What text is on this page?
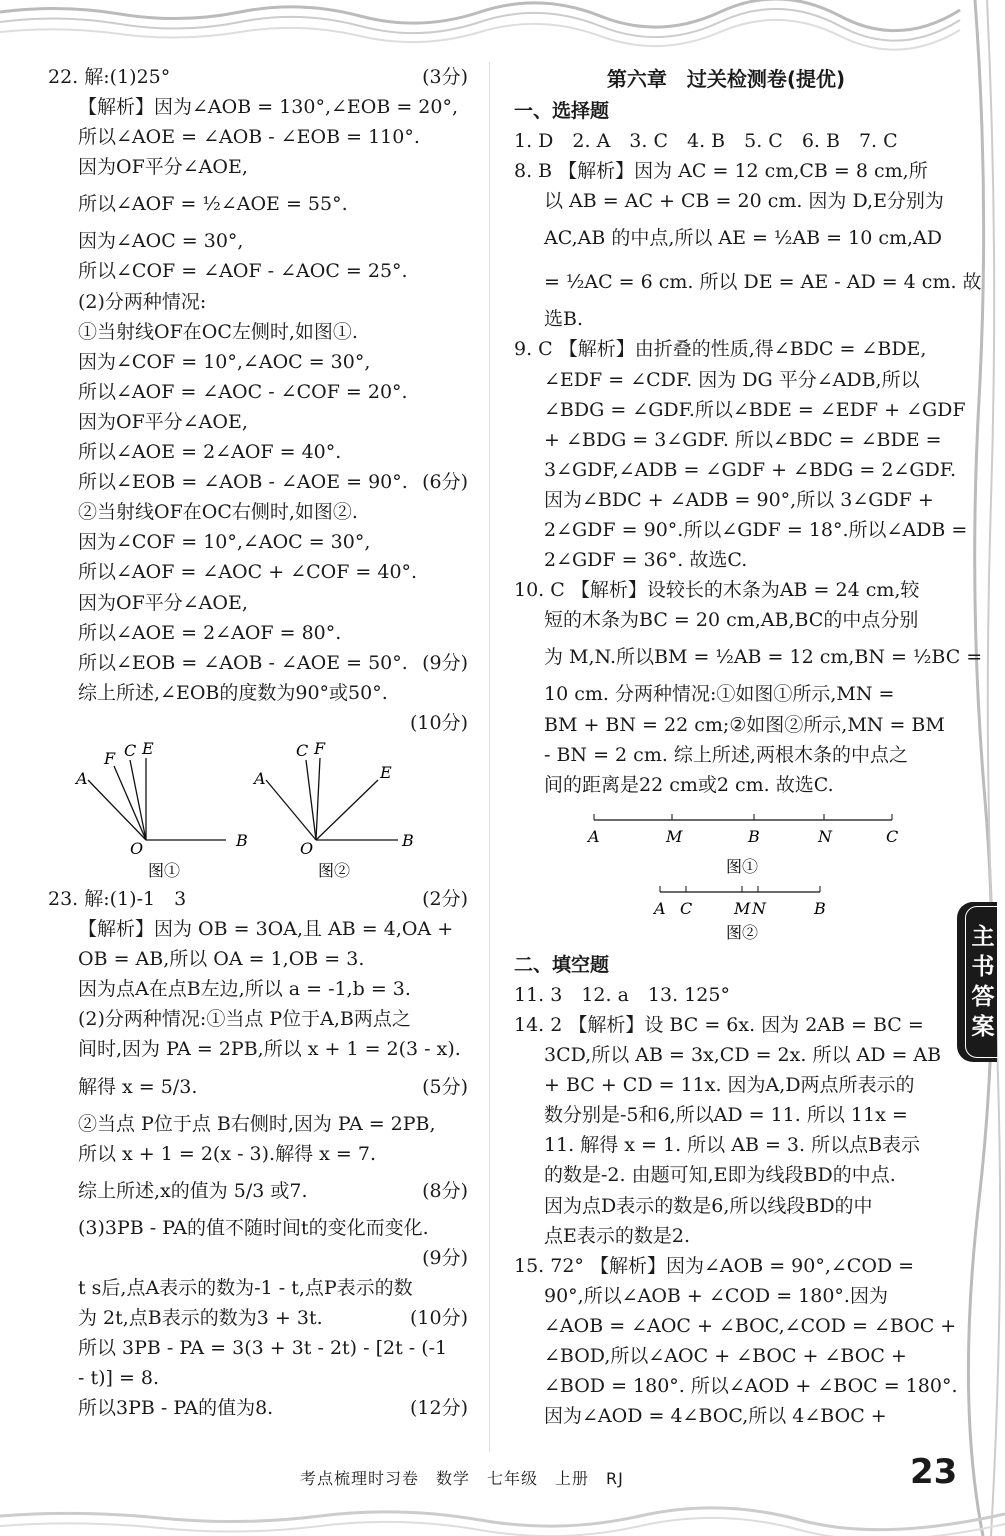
22. 解:(1)25°	(3分)
【解析】因为∠AOB = 130°,∠EOB = 20°,
所以∠AOE = ∠AOB - ∠EOB = 110°.
因为OF平分∠AOE,
所以∠AOF = ½∠AOE = 55°.
因为∠AOC = 30°,
所以∠COF = ∠AOF - ∠AOC = 25°.
(2)分两种情况:
①当射线OF在OC左侧时,如图①.
因为∠COF = 10°,∠AOC = 30°,
所以∠AOF = ∠AOC - ∠COF = 20°.
因为OF平分∠AOE,
所以∠AOE = 2∠AOF = 40°.
所以∠EOB = ∠AOB - ∠AOE = 90°. (6分)
②当射线OF在OC右侧时,如图②.
因为∠COF = 10°,∠AOC = 30°,
所以∠AOF = ∠AOC + ∠COF = 40°.
因为OF平分∠AOE,
所以∠AOE = 2∠AOF = 80°.
所以∠EOB = ∠AOB - ∠AOE = 50°. (9分)
综上所述,∠EOB的度数为90°或50°.
(10分)
A
F C E
O	B
图①
A
C F
E
O	B
图②
23. 解:(1)-1　3	(2分)
【解析】因为 OB = 3OA,且 AB = 4,OA +
OB = AB,所以 OA = 1,OB = 3.
因为点A在点B左边,所以 a = -1,b = 3.
(2)分两种情况:①当点 P位于A,B两点之
间时,因为 PA = 2PB,所以 x + 1 = 2(3 - x).
解得 x = 5/3.	(5分)
②当点 P位于点 B右侧时,因为 PA = 2PB,
所以 x + 1 = 2(x - 3).解得 x = 7.
综上所述,x的值为 5/3 或7.	(8分)
(3)3PB - PA的值不随时间t的变化而变化.
(9分)
t s后,点A表示的数为-1 - t,点P表示的数
为 2t,点B表示的数为3 + 3t.	(10分)
所以 3PB - PA = 3(3 + 3t - 2t) - [2t - (-1
- t)] = 8.
所以3PB - PA的值为8.	(12分)
第六章　过关检测卷(提优)
一、选择题
1. D　2. A　3. C　4. B　5. C　6. B　7. C
8. B 【解析】因为 AC = 12 cm,CB = 8 cm,所
以 AB = AC + CB = 20 cm. 因为 D,E分别为
AC,AB 的中点,所以 AE = ½AB = 10 cm,AD
= ½AC = 6 cm. 所以 DE = AE - AD = 4 cm. 故
选B.
9. C 【解析】由折叠的性质,得∠BDC = ∠BDE,
∠EDF = ∠CDF. 因为 DG 平分∠ADB,所以
∠BDG = ∠GDF.所以∠BDE = ∠EDF + ∠GDF
+ ∠BDG = 3∠GDF. 所以∠BDC = ∠BDE =
3∠GDF,∠ADB = ∠GDF + ∠BDG = 2∠GDF.
因为∠BDC + ∠ADB = 90°,所以 3∠GDF +
2∠GDF = 90°.所以∠GDF = 18°.所以∠ADB =
2∠GDF = 36°. 故选C.
10. C 【解析】设较长的木条为AB = 24 cm,较
短的木条为BC = 20 cm,AB,BC的中点分别
为 M,N.所以BM = ½AB = 12 cm,BN = ½BC =
10 cm. 分两种情况:①如图①所示,MN =
BM + BN = 22 cm;②如图②所示,MN = BM
- BN = 2 cm. 综上所述,两根木条的中点之
间的距离是22 cm或2 cm. 故选C.
A	M	B	N	C
图①
A C	M N	B
图②
二、填空题
11. 3　12. a　13. 125°
14. 2 【解析】设 BC = 6x. 因为 2AB = BC =
3CD,所以 AB = 3x,CD = 2x. 所以 AD = AB
+ BC + CD = 11x. 因为A,D两点所表示的
数分别是-5和6,所以AD = 11. 所以 11x =
11. 解得 x = 1. 所以 AB = 3. 所以点B表示
的数是-2. 由题可知,E即为线段BD的中点.
因为点D表示的数是6,所以线段BD的中
点E表示的数是2.
15. 72° 【解析】因为∠AOB = 90°,∠COD =
90°,所以∠AOB + ∠COD = 180°.因为
∠AOB = ∠AOC + ∠BOC,∠COD = ∠BOC +
∠BOD,所以∠AOC + ∠BOC + ∠BOC +
∠BOD = 180°. 所以∠AOD + ∠BOC = 180°.
因为∠AOD = 4∠BOC,所以 4∠BOC +
主
书
答
案
考点梳理时习卷　数学　七年级　上册　RJ	23
